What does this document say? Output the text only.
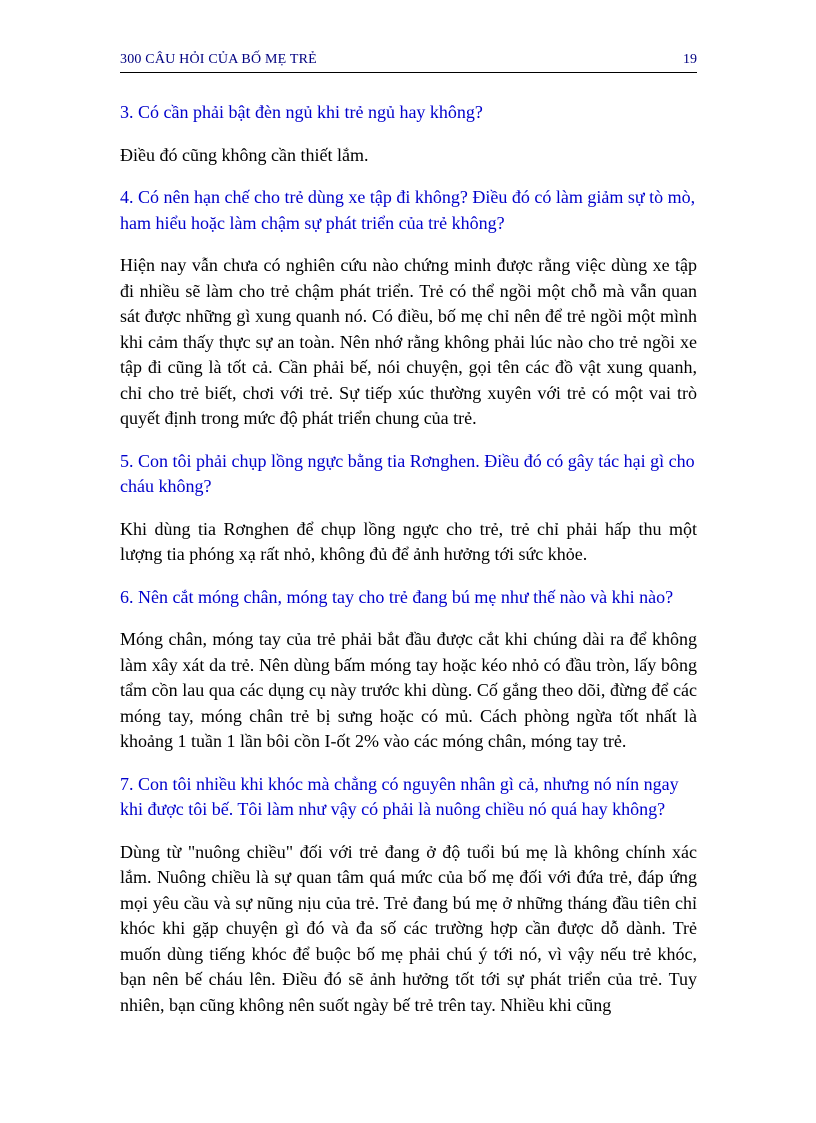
300 CÂU HỎI CỦA BỐ MẸ TRẺ	19

3. Có cần phải bật đèn ngủ khi trẻ ngủ hay không?

Điều đó cũng không cần thiết lắm.

4. Có nên hạn chế cho trẻ dùng xe tập đi không? Điều đó có làm giảm sự tò mò, ham hiểu hoặc làm chậm sự phát triển của trẻ không?

Hiện nay vẫn chưa có nghiên cứu nào chứng minh được rằng việc dùng xe tập đi nhiều sẽ làm cho trẻ chậm phát triển. Trẻ có thể ngồi một chỗ mà vẫn quan sát được những gì xung quanh nó. Có điều, bố mẹ chỉ nên để trẻ ngồi một mình khi cảm thấy thực sự an toàn. Nên nhớ rằng không phải lúc nào cho trẻ ngồi xe tập đi cũng là tốt cả. Cần phải bế, nói chuyện, gọi tên các đồ vật xung quanh, chỉ cho trẻ biết, chơi với trẻ. Sự tiếp xúc thường xuyên với trẻ có một vai trò quyết định trong mức độ phát triển chung của trẻ.

5. Con tôi phải chụp lồng ngực bằng tia Rơnghen. Điều đó có gây tác hại gì cho cháu không?

Khi dùng tia Rơnghen để chụp lồng ngực cho trẻ, trẻ chỉ phải hấp thu một lượng tia phóng xạ rất nhỏ, không đủ để ảnh hưởng tới sức khỏe.

6. Nên cắt móng chân, móng tay cho trẻ đang bú mẹ như thế nào và khi nào?

Móng chân, móng tay của trẻ phải bắt đầu được cắt khi chúng dài ra để không làm xây xát da trẻ. Nên dùng bấm móng tay hoặc kéo nhỏ có đầu tròn, lấy bông tẩm cồn lau qua các dụng cụ này trước khi dùng. Cố gắng theo dõi, đừng để các móng tay, móng chân trẻ bị sưng hoặc có mủ. Cách phòng ngừa tốt nhất là khoảng 1 tuần 1 lần bôi cồn I-ốt 2% vào các móng chân, móng tay trẻ.

7. Con tôi nhiều khi khóc mà chẳng có nguyên nhân gì cả, nhưng nó nín ngay khi được tôi bế. Tôi làm như vậy có phải là nuông chiều nó quá hay không?

Dùng từ "nuông chiều" đối với trẻ đang ở độ tuổi bú mẹ là không chính xác lắm. Nuông chiều là sự quan tâm quá mức của bố mẹ đối với đứa trẻ, đáp ứng mọi yêu cầu và sự nũng nịu của trẻ. Trẻ đang bú mẹ ở những tháng đầu tiên chỉ khóc khi gặp chuyện gì đó và đa số các trường hợp cần được dỗ dành. Trẻ muốn dùng tiếng khóc để buộc bố mẹ phải chú ý tới nó, vì vậy nếu trẻ khóc, bạn nên bế cháu lên. Điều đó sẽ ảnh hưởng tốt tới sự phát triển của trẻ. Tuy nhiên, bạn cũng không nên suốt ngày bế trẻ trên tay. Nhiều khi cũng
